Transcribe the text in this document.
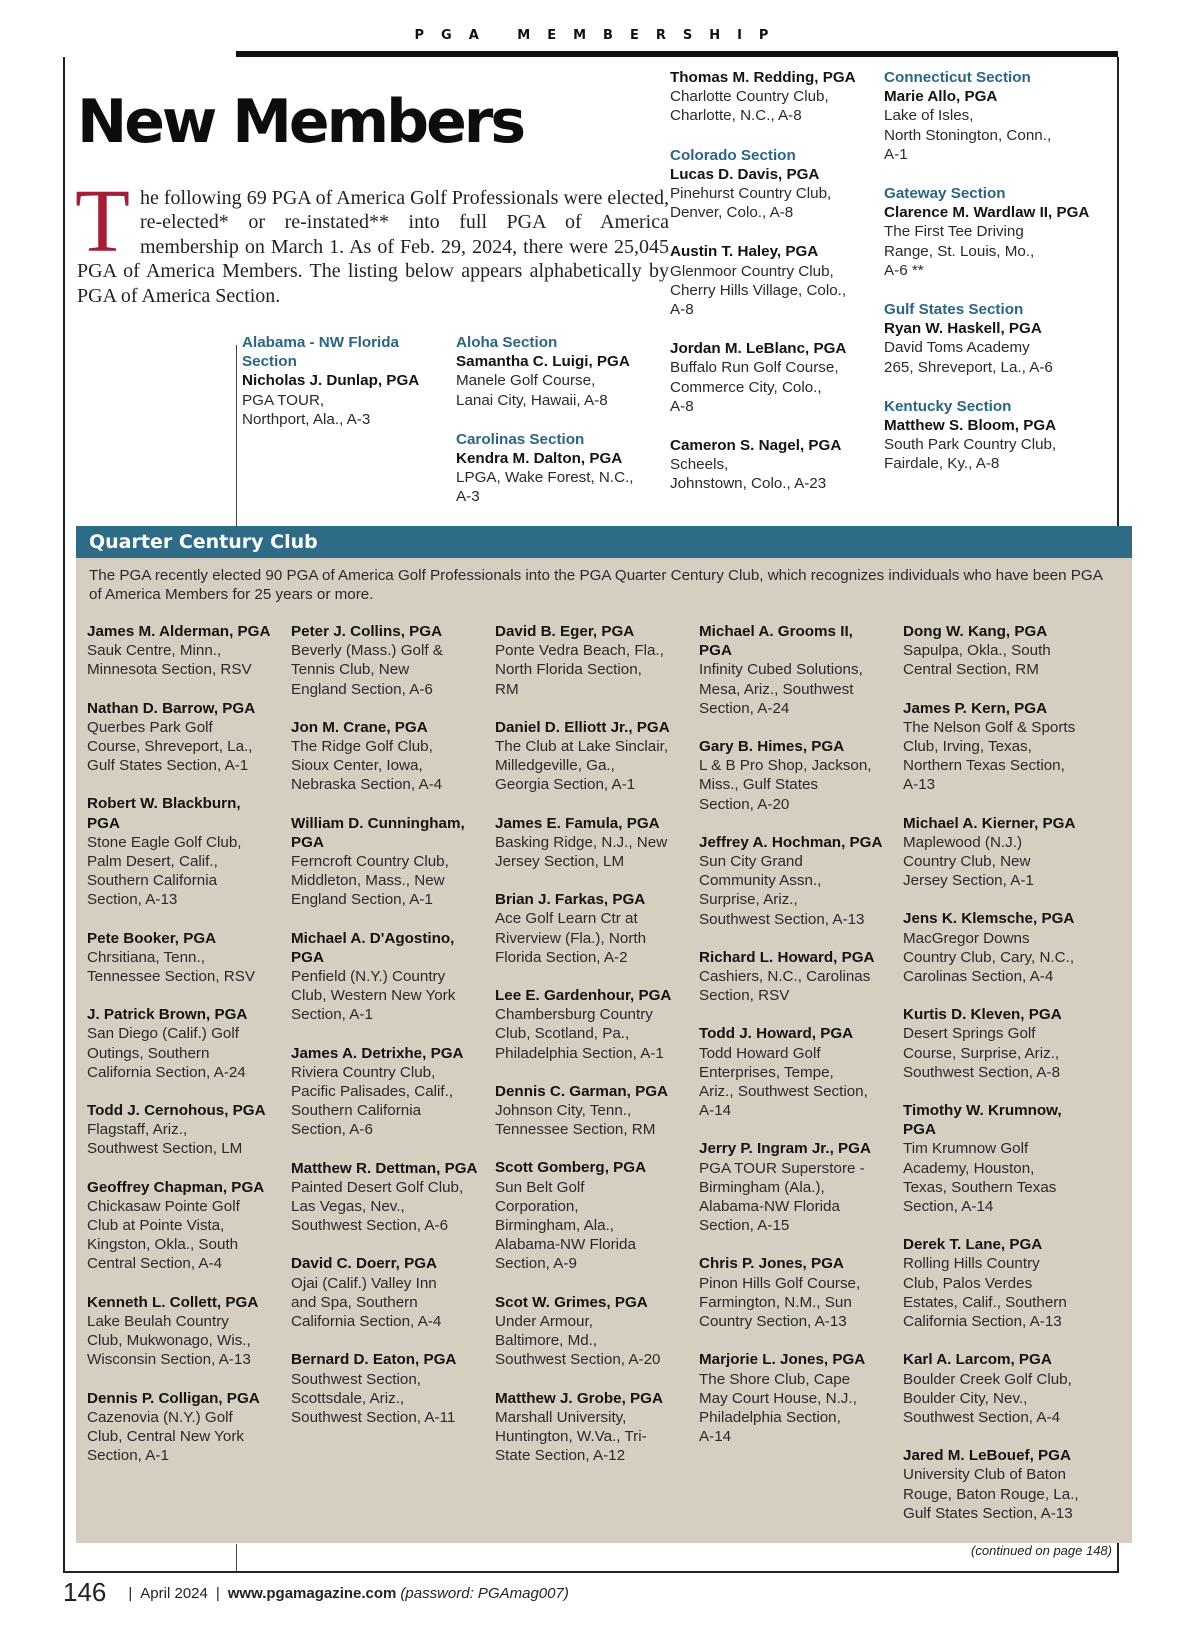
PGA MEMBERSHIP
New Members
The following 69 PGA of America Golf Professionals were elected, re-elected* or re-instated** into full PGA of America membership on March 1. As of Feb. 29, 2024, there were 25,045 PGA of America Members. The listing below appears alphabetically by PGA of America Section.
Alabama - NW Florida Section
Nicholas J. Dunlap, PGA
PGA TOUR,
Northport, Ala., A-3
Aloha Section
Samantha C. Luigi, PGA
Manele Golf Course,
Lanai City, Hawaii, A-8
Carolinas Section
Kendra M. Dalton, PGA
LPGA, Wake Forest, N.C.,
A-3
Thomas M. Redding, PGA
Charlotte Country Club,
Charlotte, N.C., A-8
Colorado Section
Lucas D. Davis, PGA
Pinehurst Country Club,
Denver, Colo., A-8
Austin T. Haley, PGA
Glenmoor Country Club,
Cherry Hills Village, Colo.,
A-8
Jordan M. LeBlanc, PGA
Buffalo Run Golf Course,
Commerce City, Colo.,
A-8
Cameron S. Nagel, PGA
Scheels,
Johnstown, Colo., A-23
Connecticut Section
Marie Allo, PGA
Lake of Isles,
North Stonington, Conn.,
A-1
Gateway Section
Clarence M. Wardlaw II, PGA
The First Tee Driving
Range, St. Louis, Mo.,
A-6 **
Gulf States Section
Ryan W. Haskell, PGA
David Toms Academy
265, Shreveport, La., A-6
Kentucky Section
Matthew S. Bloom, PGA
South Park Country Club,
Fairdale, Ky., A-8
Quarter Century Club
The PGA recently elected 90 PGA of America Golf Professionals into the PGA Quarter Century Club, which recognizes individuals who have been PGA of America Members for 25 years or more.
James M. Alderman, PGA
Sauk Centre, Minn.,
Minnesota Section, RSV
Nathan D. Barrow, PGA
Querbes Park Golf
Course, Shreveport, La.,
Gulf States Section, A-1
Robert W. Blackburn, PGA
Stone Eagle Golf Club,
Palm Desert, Calif.,
Southern California
Section, A-13
Pete Booker, PGA
Chrsitiana, Tenn.,
Tennessee Section, RSV
J. Patrick Brown, PGA
San Diego (Calif.) Golf
Outings, Southern
California Section, A-24
Todd J. Cernohous, PGA
Flagstaff, Ariz.,
Southwest Section, LM
Geoffrey Chapman, PGA
Chickasaw Pointe Golf
Club at Pointe Vista,
Kingston, Okla., South
Central Section, A-4
Kenneth L. Collett, PGA
Lake Beulah Country
Club, Mukwonago, Wis.,
Wisconsin Section, A-13
Dennis P. Colligan, PGA
Cazenovia (N.Y.) Golf
Club, Central New York
Section, A-1
Peter J. Collins, PGA
Beverly (Mass.) Golf &
Tennis Club, New
England Section, A-6
Jon M. Crane, PGA
The Ridge Golf Club,
Sioux Center, Iowa,
Nebraska Section, A-4
William D. Cunningham, PGA
Ferncroft Country Club,
Middleton, Mass., New
England Section, A-1
Michael A. D'Agostino, PGA
Penfield (N.Y.) Country
Club, Western New York
Section, A-1
James A. Detrixhe, PGA
Riviera Country Club,
Pacific Palisades, Calif.,
Southern California
Section, A-6
Matthew R. Dettman, PGA
Painted Desert Golf Club,
Las Vegas, Nev.,
Southwest Section, A-6
David C. Doerr, PGA
Ojai (Calif.) Valley Inn
and Spa, Southern
California Section, A-4
Bernard D. Eaton, PGA
Southwest Section,
Scottsdale, Ariz.,
Southwest Section, A-11
David B. Eger, PGA
Ponte Vedra Beach, Fla.,
North Florida Section,
RM
Daniel D. Elliott Jr., PGA
The Club at Lake Sinclair,
Milledgeville, Ga.,
Georgia Section, A-1
James E. Famula, PGA
Basking Ridge, N.J., New
Jersey Section, LM
Brian J. Farkas, PGA
Ace Golf Learn Ctr at
Riverview (Fla.), North
Florida Section, A-2
Lee E. Gardenhour, PGA
Chambersburg Country
Club, Scotland, Pa.,
Philadelphia Section, A-1
Dennis C. Garman, PGA
Johnson City, Tenn.,
Tennessee Section, RM
Scott Gomberg, PGA
Sun Belt Golf
Corporation,
Birmingham, Ala.,
Alabama-NW Florida
Section, A-9
Scot W. Grimes, PGA
Under Armour,
Baltimore, Md.,
Southwest Section, A-20
Matthew J. Grobe, PGA
Marshall University,
Huntington, W.Va., Tri-
State Section, A-12
Michael A. Grooms II, PGA
Infinity Cubed Solutions,
Mesa, Ariz., Southwest
Section, A-24
Gary B. Himes, PGA
L & B Pro Shop, Jackson,
Miss., Gulf States
Section, A-20
Jeffrey A. Hochman, PGA
Sun City Grand
Community Assn.,
Surprise, Ariz.,
Southwest Section, A-13
Richard L. Howard, PGA
Cashiers, N.C., Carolinas
Section, RSV
Todd J. Howard, PGA
Todd Howard Golf
Enterprises, Tempe,
Ariz., Southwest Section,
A-14
Jerry P. Ingram Jr., PGA
PGA TOUR Superstore -
Birmingham (Ala.),
Alabama-NW Florida
Section, A-15
Chris P. Jones, PGA
Pinon Hills Golf Course,
Farmington, N.M., Sun
Country Section, A-13
Marjorie L. Jones, PGA
The Shore Club, Cape
May Court House, N.J.,
Philadelphia Section,
A-14
Dong W. Kang, PGA
Sapulpa, Okla., South
Central Section, RM
James P. Kern, PGA
The Nelson Golf & Sports
Club, Irving, Texas,
Northern Texas Section,
A-13
Michael A. Kierner, PGA
Maplewood (N.J.)
Country Club, New
Jersey Section, A-1
Jens K. Klemsche, PGA
MacGregor Downs
Country Club, Cary, N.C.,
Carolinas Section, A-4
Kurtis D. Kleven, PGA
Desert Springs Golf
Course, Surprise, Ariz.,
Southwest Section, A-8
Timothy W. Krumnow, PGA
Tim Krumnow Golf
Academy, Houston,
Texas, Southern Texas
Section, A-14
Derek T. Lane, PGA
Rolling Hills Country
Club, Palos Verdes
Estates, Calif., Southern
California Section, A-13
Karl A. Larcom, PGA
Boulder Creek Golf Club,
Boulder City, Nev.,
Southwest Section, A-4
Jared M. LeBouef, PGA
University Club of Baton
Rouge, Baton Rouge, La.,
Gulf States Section, A-13
(continued on page 148)
146 | April 2024 | www.pgamagazine.com (password: PGAmag007)
